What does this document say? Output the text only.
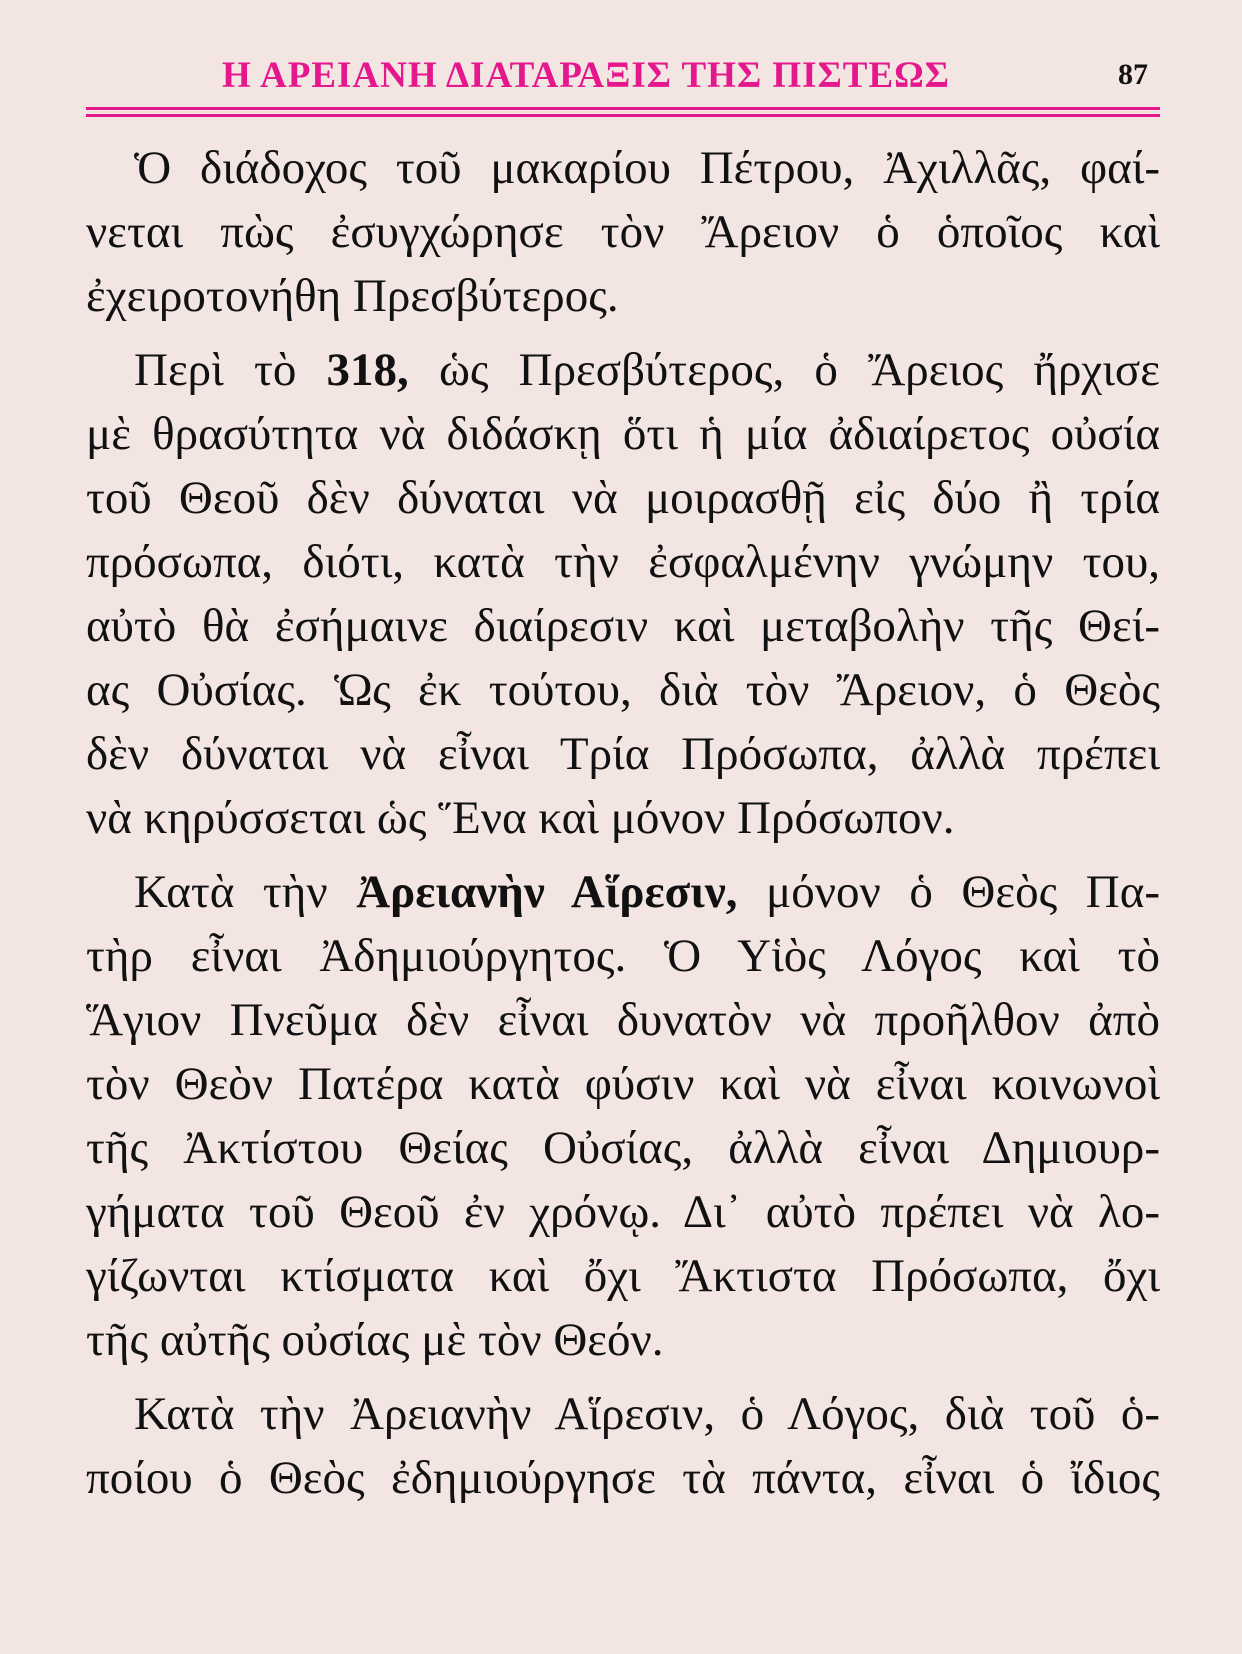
Η ΑΡΕΙΑΝΗ ΔΙΑΤΑΡΑΞΙΣ ΤΗΣ ΠΙΣΤΕΩΣ	87
Ὁ διάδοχος τοῦ μακαρίου Πέτρου, Ἀχιλλᾶς, φαί-
νεται πὼς ἐσυγχώρησε τὸν Ἄρειον ὁ ὁποῖος καὶ
ἐχειροτονήθη Πρεσβύτερος.
Περὶ τὸ 318, ὡς Πρεσβύτερος, ὁ Ἄρειος ἤρχισε
μὲ θρασύτητα νὰ διδάσκῃ ὅτι ἡ μία ἀδιαίρετος οὐσία
τοῦ Θεοῦ δὲν δύναται νὰ μοιρασθῇ εἰς δύο ἢ τρία
πρόσωπα, διότι, κατὰ τὴν ἐσφαλμένην γνώμην του,
αὐτὸ θὰ ἐσήμαινε διαίρεσιν καὶ μεταβολὴν τῆς Θεί-
ας Οὐσίας. Ὡς ἐκ τούτου, διὰ τὸν Ἄρειον, ὁ Θεὸς
δὲν δύναται νὰ εἶναι Τρία Πρόσωπα, ἀλλὰ πρέπει
νὰ κηρύσσεται ὡς Ἕνα καὶ μόνον Πρόσωπον.
Κατὰ τὴν Ἀρειανὴν Αἵρεσιν, μόνον ὁ Θεὸς Πα-
τὴρ εἶναι Ἀδημιούργητος. Ὁ Υἱὸς Λόγος καὶ τὸ
Ἅγιον Πνεῦμα δὲν εἶναι δυνατὸν νὰ προῆλθον ἀπὸ
τὸν Θεὸν Πατέρα κατὰ φύσιν καὶ νὰ εἶναι κοινωνοὶ
τῆς Ἀκτίστου Θείας Οὐσίας, ἀλλὰ εἶναι Δημιουρ-
γήματα τοῦ Θεοῦ ἐν χρόνῳ. Δι᾿ αὐτὸ πρέπει νὰ λο-
γίζωνται κτίσματα καὶ ὄχι Ἄκτιστα Πρόσωπα, ὄχι
τῆς αὐτῆς οὐσίας μὲ τὸν Θεόν.
Κατὰ τὴν Ἀρειανὴν Αἵρεσιν, ὁ Λόγος, διὰ τοῦ ὁ-
ποίου ὁ Θεὸς ἐδημιούργησε τὰ πάντα, εἶναι ὁ ἴδιος
